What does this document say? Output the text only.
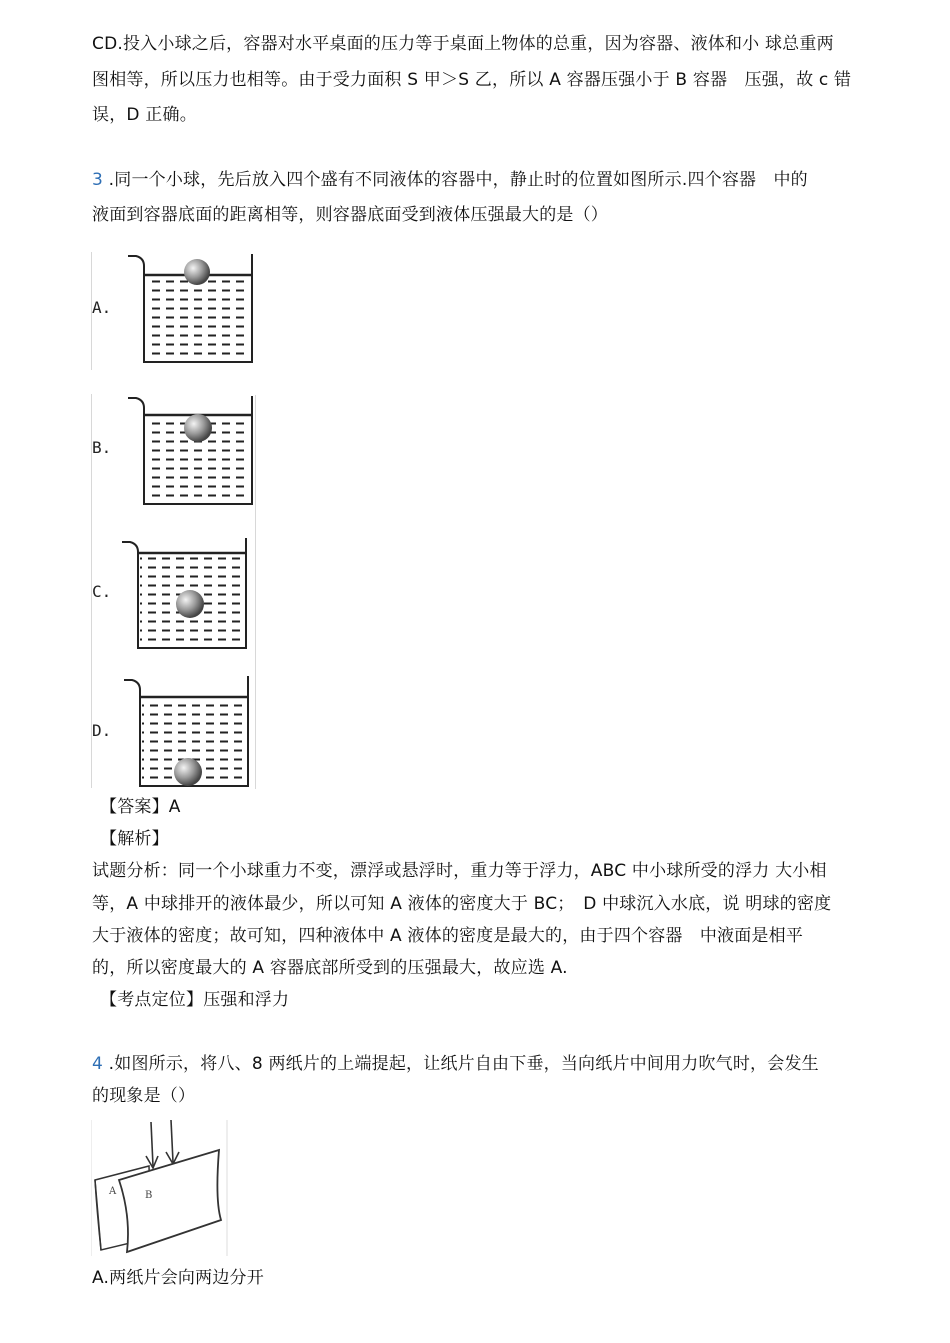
CD.投入小球之后，容器对水平桌面的压力等于桌面上物体的总重，因为容器、液体和小 球总重两
图相等，所以压力也相等。由于受力面积 S 甲＞S 乙，所以 A 容器压强小于 B 容器　压强，故 c 错
误，D 正确。
3 .同一个小球，先后放入四个盛有不同液体的容器中，静止时的位置如图所示.四个容器　中的
液面到容器底面的距离相等，则容器底面受到液体压强最大的是（）
A.
B.
C.
D.
【答案】A
【解析】
试题分析：同一个小球重力不变，漂浮或悬浮时，重力等于浮力，ABC 中小球所受的浮力 大小相
等，A 中球排开的液体最少，所以可知 A 液体的密度大于 BC；　D 中球沉入水底，说 明球的密度
大于液体的密度；故可知，四种液体中 A 液体的密度是最大的，由于四个容器　中液面是相平
的，所以密度最大的 A 容器底部所受到的压强最大，故应选 A.
【考点定位】压强和浮力
4 .如图所示，将八、8 两纸片的上端提起，让纸片自由下垂，当向纸片中间用力吹气时，会发生
的现象是（）
A	B
A.两纸片会向两边分开
